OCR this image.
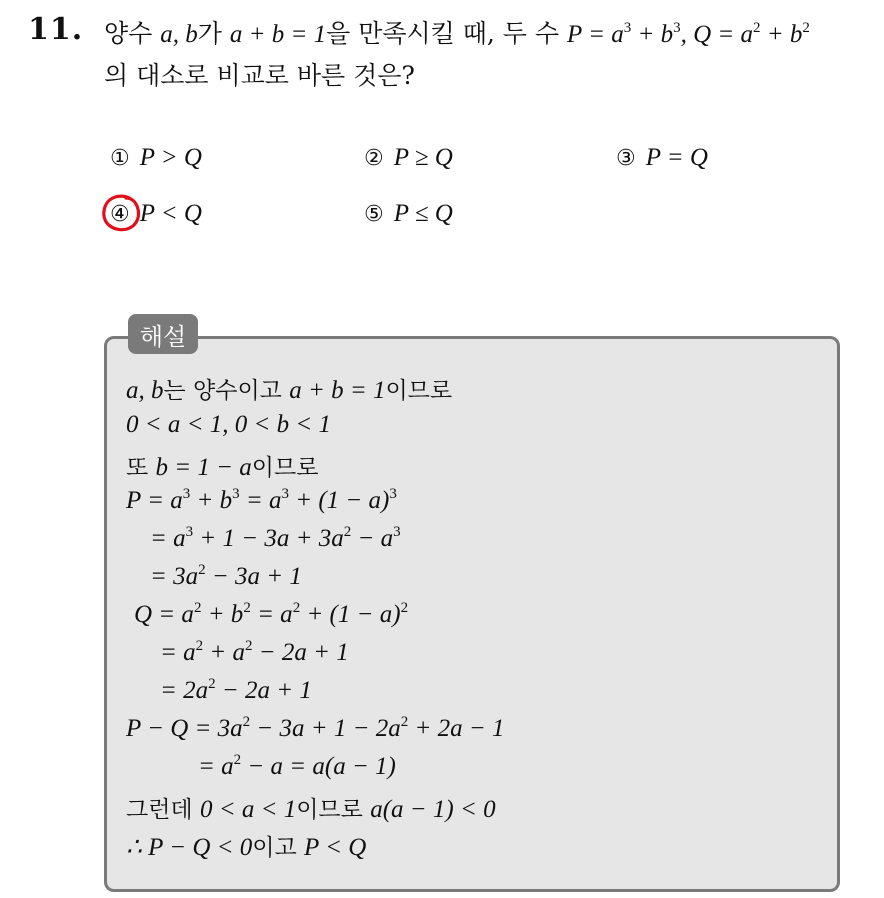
11. 양수 a, b가 a + b = 1을 만족시킬 때, 두 수 $P = a^3 + b^3$, $Q = a^2 + b^2$
의 대소로 비교로 바른 것은?
① P > Q	② P ≥ Q	③ P = Q
④ P < Q	⑤ P ≤ Q
해설
a, b는 양수이고 a + b = 1이므로
0 < a < 1, 0 < b < 1
또 b = 1 − a이므로
$P = a^3 + b^3 = a^3 + (1 - a)^3$
= $a^3 + 1 - 3a + 3a^2 - a^3$
= $3a^2 - 3a + 1$
$Q = a^2 + b^2 = a^2 + (1 - a)^2$
= $a^2 + a^2 - 2a + 1$
= $2a^2 - 2a + 1$
$P - Q = 3a^2 - 3a + 1 - 2a^2 + 2a - 1$
= $a^2 - a = a(a - 1)$
그런데 0 < a < 1이므로 a(a − 1) < 0
∴ P − Q < 0이고 P < Q
